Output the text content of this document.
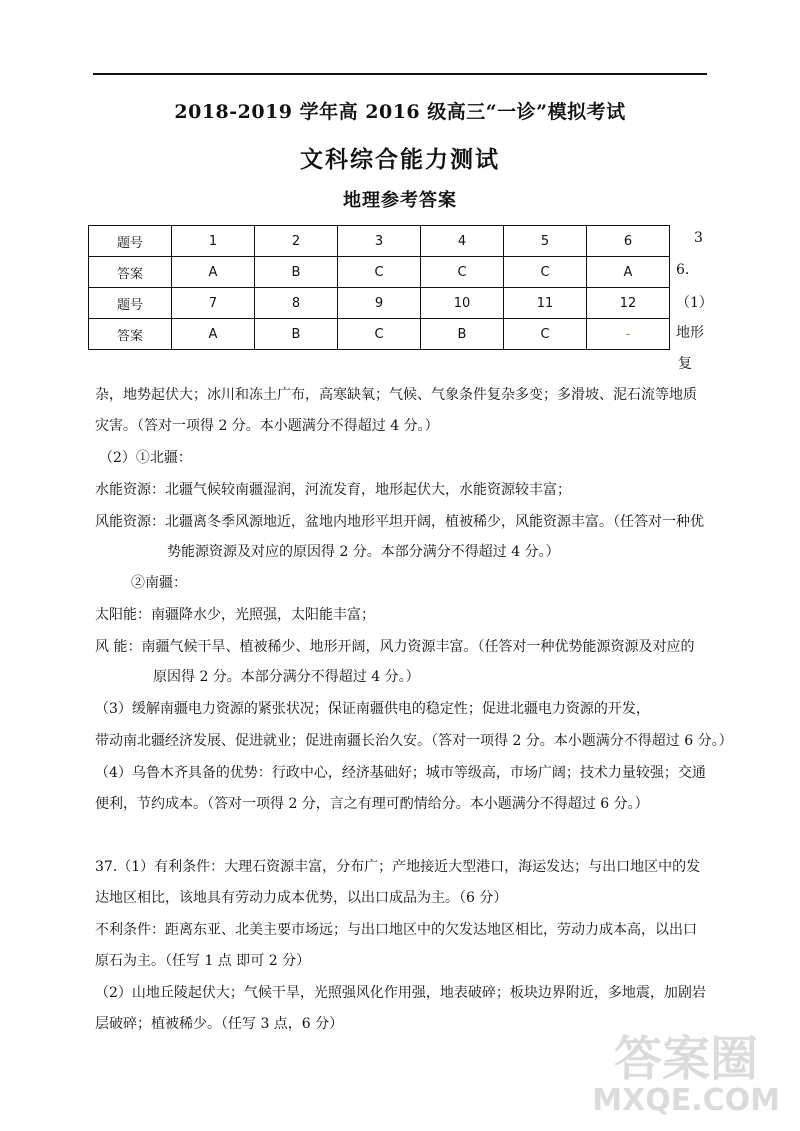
2018-2019 学年高 2016 级高三“一诊”模拟考试
文科综合能力测试
地理参考答案
题号	1	2	3	4	5	6
答案	A	B	C	C	C	A
题号	7	8	9	10	11	12
答案	A	B	C	B	C	-
3
6.
（1）
地形
复
杂，地势起伏大；冰川和冻土广布，高寒缺氧；气候、气象条件复杂多变；多滑坡、泥石流等地质
灾害。（答对一项得 2 分。本小题满分不得超过 4 分。）
（2）①北疆：
水能资源：北疆气候较南疆湿润，河流发育，地形起伏大，水能资源较丰富；
风能资源：北疆离冬季风源地近，盆地内地形平坦开阔，植被稀少，风能资源丰富。（任答对一种优
势能源资源及对应的原因得 2 分。本部分满分不得超过 4 分。）
②南疆：
太阳能：南疆降水少，光照强，太阳能丰富；
风 能：南疆气候干旱、植被稀少、地形开阔，风力资源丰富。（任答对一种优势能源资源及对应的
原因得 2 分。本部分满分不得超过 4 分。）
（3）缓解南疆电力资源的紧张状况；保证南疆供电的稳定性；促进北疆电力资源的开发，
带动南北疆经济发展、促进就业；促进南疆长治久安。（答对一项得 2 分。本小题满分不得超过 6 分。）
（4）乌鲁木齐具备的优势：行政中心，经济基础好；城市等级高，市场广阔；技术力量较强；交通
便利，节约成本。（答对一项得 2 分，言之有理可酌情给分。本小题满分不得超过 6 分。）
37.（1）有利条件：大理石资源丰富，分布广；产地接近大型港口，海运发达；与出口地区中的发
达地区相比，该地具有劳动力成本优势，以出口成品为主。（6 分）
不利条件：距离东亚、北美主要市场远；与出口地区中的欠发达地区相比，劳动力成本高，以出口
原石为主。（任写 1 点 即可 2 分）
（2）山地丘陵起伏大；气候干旱，光照强风化作用强，地表破碎；板块边界附近，多地震，加剧岩
层破碎；植被稀少。（任写 3 点，6 分）
答案圈
MXQE.COM
